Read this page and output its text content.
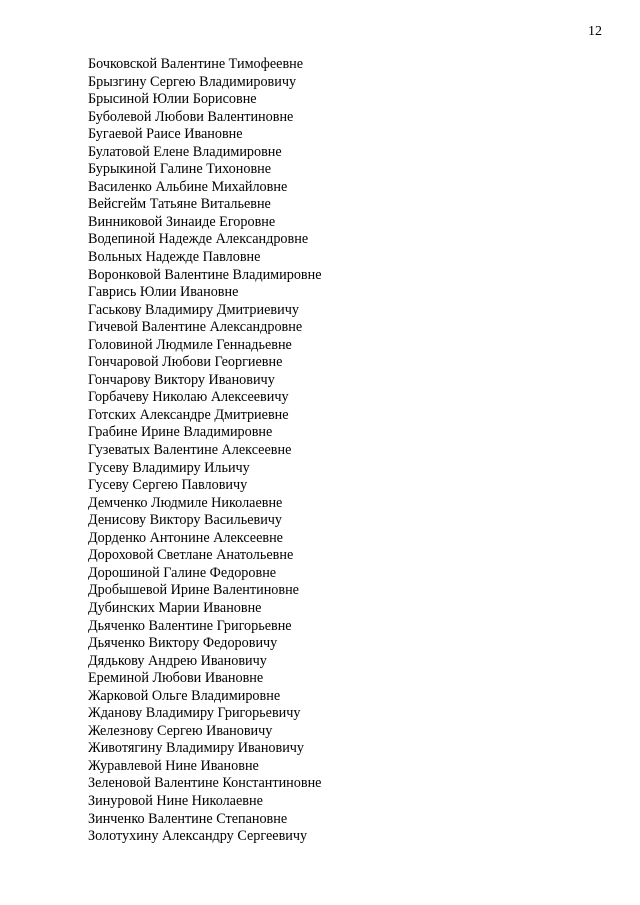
12
Бочковской Валентине Тимофеевне
Брызгину Сергею Владимировичу
Брысиной Юлии Борисовне
Буболевой Любови Валентиновне
Бугаевой Раисе Ивановне
Булатовой Елене Владимировне
Бурыкиной Галине Тихоновне
Василенко Альбине Михайловне
Вейсгейм Татьяне Витальевне
Винниковой Зинаиде Егоровне
Водепиной Надежде Александровне
Вольных Надежде Павловне
Воронковой Валентине Владимировне
Гаврись Юлии Ивановне
Гаськову Владимиру Дмитриевичу
Гичевой Валентине Александровне
Головиной Людмиле Геннадьевне
Гончаровой Любови Георгиевне
Гончарову Виктору Ивановичу
Горбачеву Николаю Алексеевичу
Готских Александре Дмитриевне
Грабине Ирине Владимировне
Гузеватых Валентине Алексеевне
Гусеву Владимиру Ильичу
Гусеву Сергею Павловичу
Демченко Людмиле Николаевне
Денисову Виктору Васильевичу
Дорденко Антонине Алексеевне
Дороховой Светлане Анатольевне
Дорошиной Галине Федоровне
Дробышевой Ирине Валентиновне
Дубинских Марии Ивановне
Дьяченко Валентине Григорьевне
Дьяченко Виктору Федоровичу
Дядькову Андрею Ивановичу
Ереминой Любови Ивановне
Жарковой Ольге Владимировне
Жданову Владимиру Григорьевичу
Железнову Сергею Ивановичу
Животягину Владимиру Ивановичу
Журавлевой Нине Ивановне
Зеленовой Валентине Константиновне
Зинуровой Нине Николаевне
Зинченко Валентине Степановне
Золотухину Александру Сергеевичу
